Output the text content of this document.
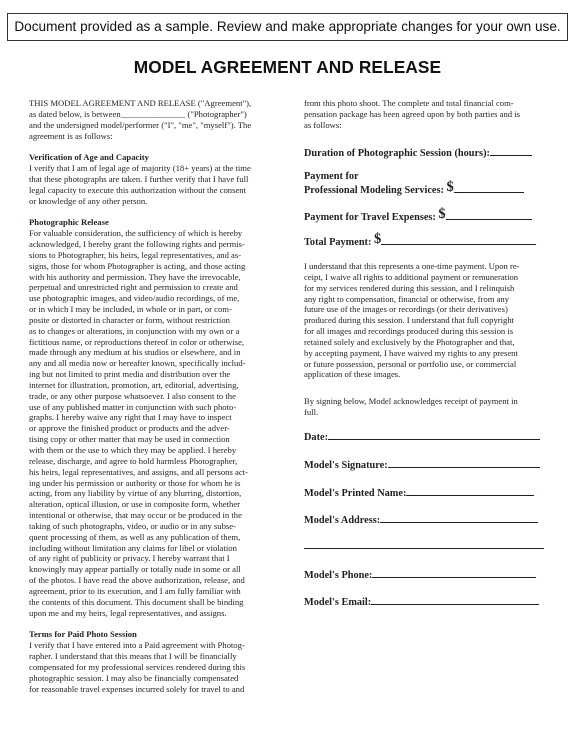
Document provided as a sample. Review and make appropriate changes for your own use.
MODEL AGREEMENT AND RELEASE
THIS MODEL AGREEMENT AND RELEASE ("Agreement"),
as dated below, is between_______________ ("Photographer")
and the undersigned model/performer ("I", "me", "myself"). The
agreement is as follows:
Verification of Age and Capacity
I verify that I am of legal age of majority (18+ years) at the time
that these photographs are taken. I further verify that I have full
legal capacity to execute this authorization without the consent
or knowledge of any other person.
Photographic Release
For valuable consideration, the sufficiency of which is hereby
acknowledged, I hereby grant the following rights and permis-
sions to Photographer, his heirs, legal representatives, and as-
signs, those for whom Photographer is acting, and those acting
with his authority and permission. They have the irrevocable,
perpetual and unrestricted right and permission to create and
use photographic images, and video/audio recordings, of me,
or in which I may be included, in whole or in part, or com-
posite or distorted in character or form, without restriction
as to changes or alterations, in conjunction with my own or a
fictitious name, or reproductions thereof in color or otherwise,
made through any medium at his studios or elsewhere, and in
any and all media now or hereafter known, specifically includ-
ing but not limited to print media and distribution over the
internet for illustration, promotion, art, editorial, advertising,
trade, or any other purpose whatsoever. I also consent to the
use of any published matter in conjunction with such photo-
graphs. I hereby waive any right that I may have to inspect
or approve the finished product or products and the adver-
tising copy or other matter that may be used in connection
with them or the use to which they may be applied. I hereby
release, discharge, and agree to hold harmless Photographer,
his heirs, legal representatives, and assigns, and all persons act-
ing under his permission or authority or those for whom he is
acting, from any liability by virtue of any blurring, distortion,
alteration, optical illusion, or use in composite form, whether
intentional or otherwise, that may occur or be produced in the
taking of such photographs, video, or audio or in any subse-
quent processing of them, as well as any publication of them,
including without limitation any claims for libel or violation
of any right of publicity or privacy. I hereby warrant that I
knowingly may appear partially or totally nude in some or all
of the photos. I have read the above authorization, release, and
agreement, prior to its execution, and I am fully familiar with
the contents of this document. This document shall be binding
upon me and my heirs, legal representatives, and assigns.
Terms for Paid Photo Session
I verify that I have entered into a Paid agreement with Photog-
rapher. I understand that this means that I will be financially
compensated for my professional services rendered during this
photographic session. I may also be financially compensated
for reasonable travel expenses incurred solely for travel to and
from this photo shoot. The complete and total financial com-
pensation package has been agreed upon by both parties and is
as follows:
Duration of Photographic Session (hours):
Payment for
Professional Modeling Services: $
Payment for Travel Expenses: $
Total Payment: $
I understand that this represents a one-time payment. Upon re-
ceipt, I waive all rights to additional payment or remuneration
for my services rendered during this session, and I relinquish
any right to compensation, financial or otherwise, from any
future use of the images or recordings (or their derivatives)
produced during this session. I understand that full copyright
for all images and recordings produced during this session is
retained solely and exclusively by the Photographer and that,
by accepting payment, I have waived my rights to any present
or future possession, personal or portfolio use, or commercial
application of these images.
By signing below, Model acknowledges receipt of payment in
full.
Date:
Model's Signature:
Model's Printed Name:
Model's Address:
Model's Phone:
Model's Email:
